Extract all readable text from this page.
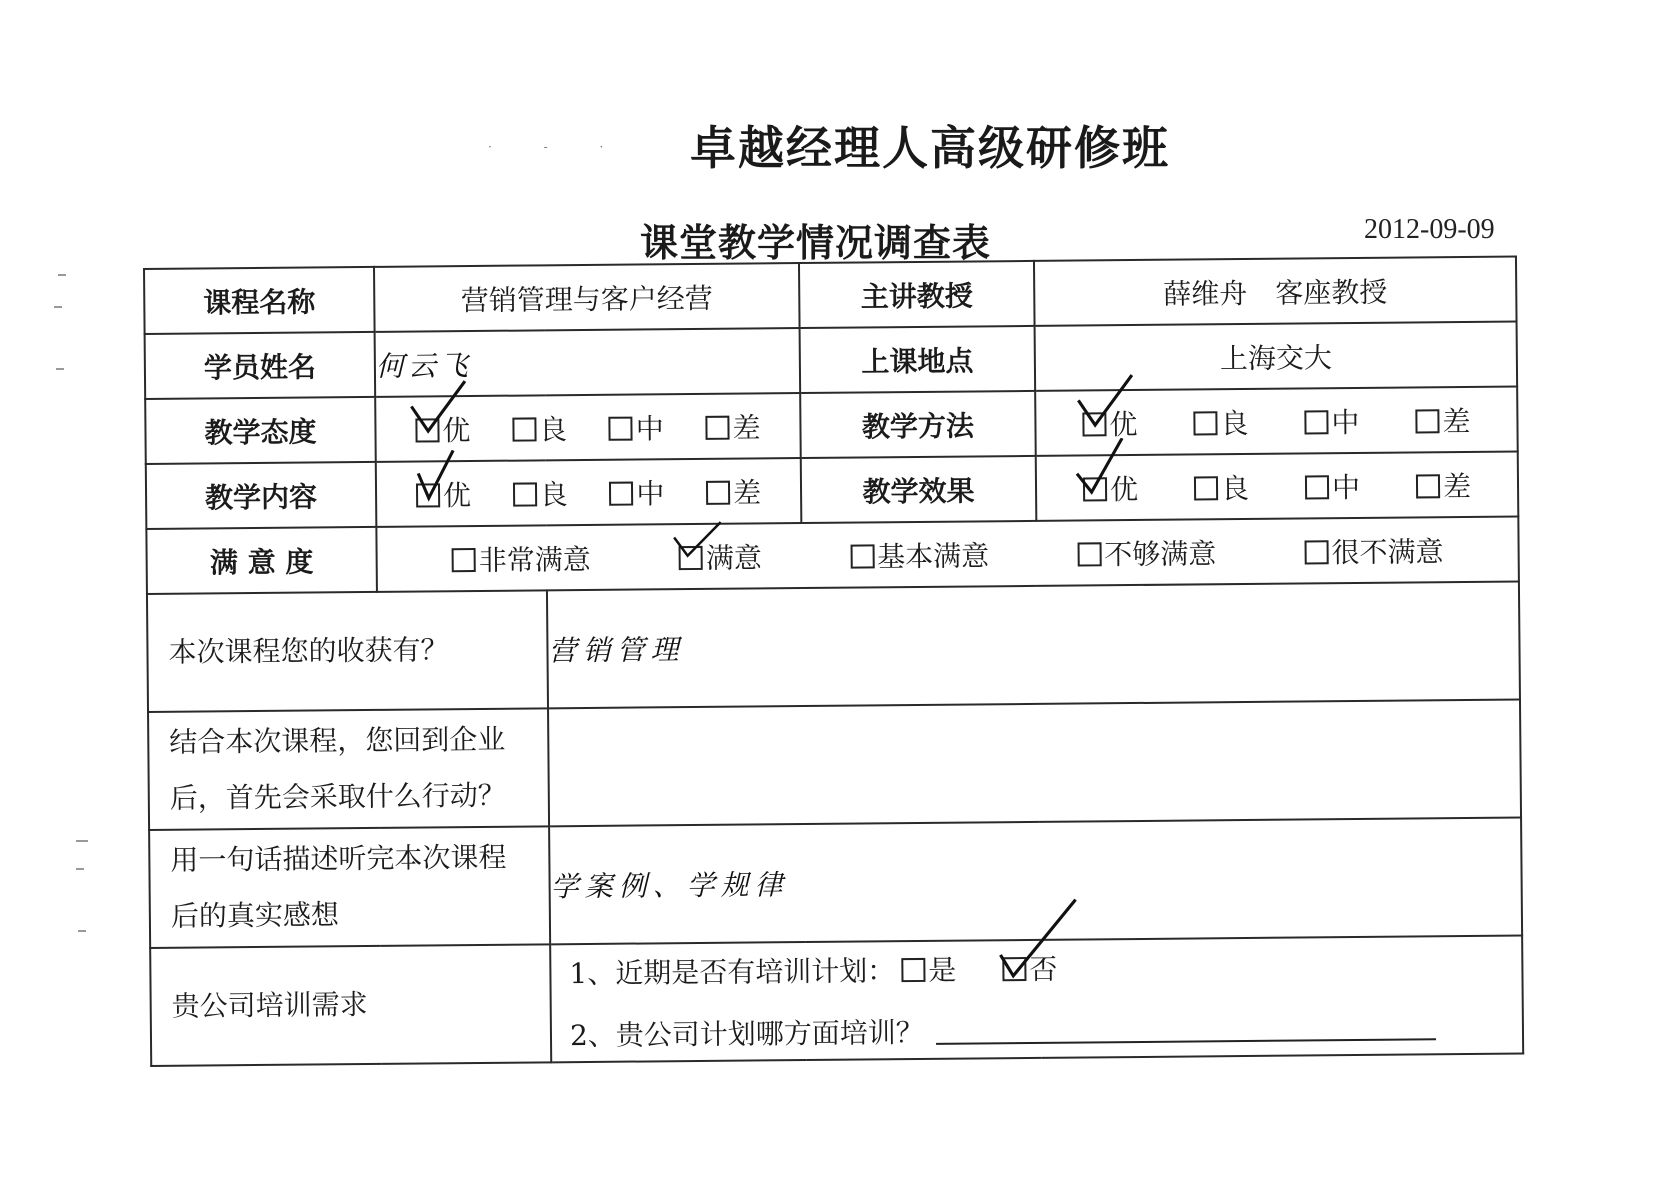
· - ·	卓越经理人高级研修班
课堂教学情况调查表	2012-09-09
课程名称	营销管理与客户经营		主讲教授	薛维舟　客座教授
学员姓名	何云飞		上课地点	上海交大
教学态度	优 良 中 差		教学方法	优 良 中 差

教学内容	优 良 中 差		教学效果	优 良 中 差

满 意 度	非常满意 满意 基本满意 不够满意 很不满意			

本次课程您的收获有？		营销管理		

结合本次课程，您回到企业
后，首先会采取什么行动？				

用一句话描述听完本次课程
后的真实感想		学案例、学规律		
贵公司培训需求		1、近期是否有培训计划： 是 否
2、贵公司计划哪方面培训？		
